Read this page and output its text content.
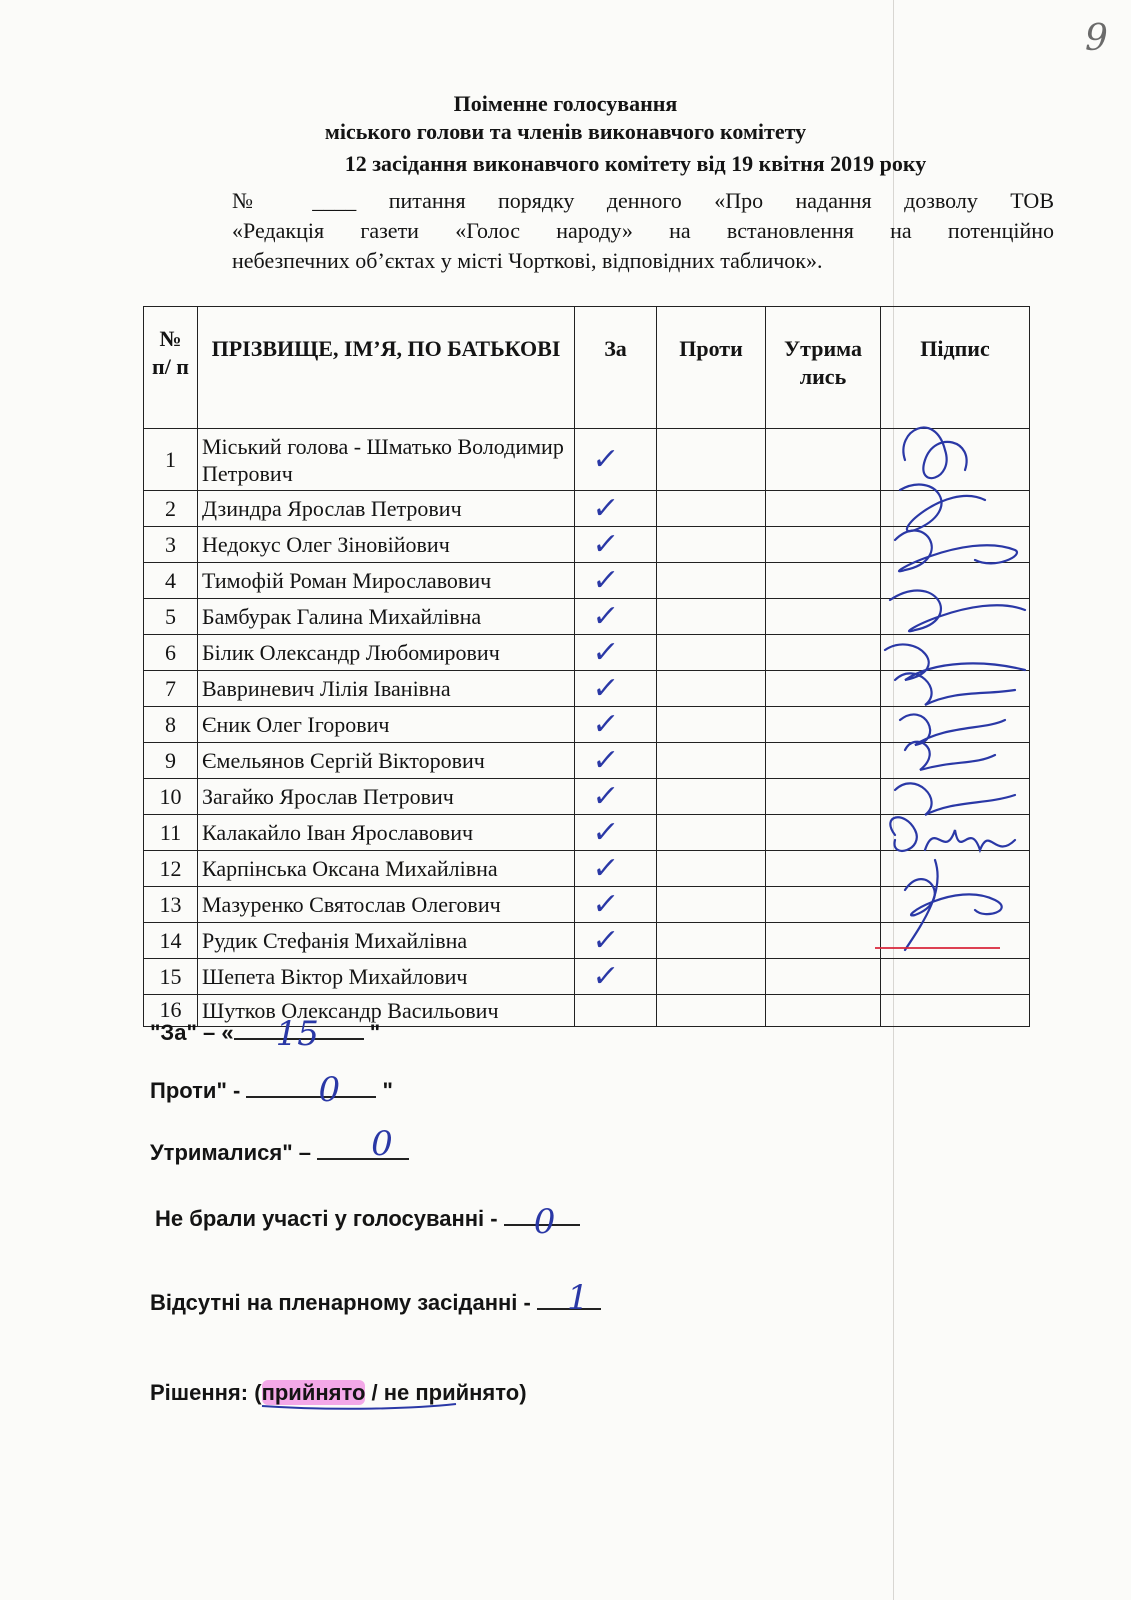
9
Поіменне голосування
міського голови та членів виконавчого комітету
12 засідання виконавчого комітету від 19 квітня 2019 року
№ ____ питання порядку денного «Про надання дозволу ТОВ
«Редакція газети «Голос народу» на встановлення на потенційно
небезпечних об’єктах у місті Чорткові, відповідних табличок».
№ п/ п	ПРІЗВИЩЕ, ІМ’Я, ПО БАТЬКОВІ	За	Проти	Утрима лись	Підпис
1	Міський голова - Шматько Володимир Петрович	✓			

2	Дзиндра Ярослав Петрович	✓			

3	Недокус Олег Зіновійович	✓			

4	Тимофій Роман Мирославович	✓			

5	Бамбурак Галина Михайлівна	✓			

6	Білик Олександр Любомирович	✓			

7	Вавриневич Лілія Іванівна	✓			

8	Єник Олег Ігорович	✓			

9	Ємельянов Сергій Вікторович	✓			

10	Загайко Ярослав Петрович	✓			

11	Калакайло Іван Ярославович	✓			

12	Карпінська Оксана Михайлівна	✓			

13	Мазуренко Святослав Олегович	✓			

14	Рудик Стефанія Михайлівна	✓			

15	Шепета Віктор Михайлович	✓			

16	Шутков Олександр Васильович	

"За" – « 15 "
Проти" - 0 "
Утрималися" – 0
Не брали участі у голосуванні - 0
Відсутні на пленарному засіданні - 1
Рішення: (прийнято / не прийнято)
